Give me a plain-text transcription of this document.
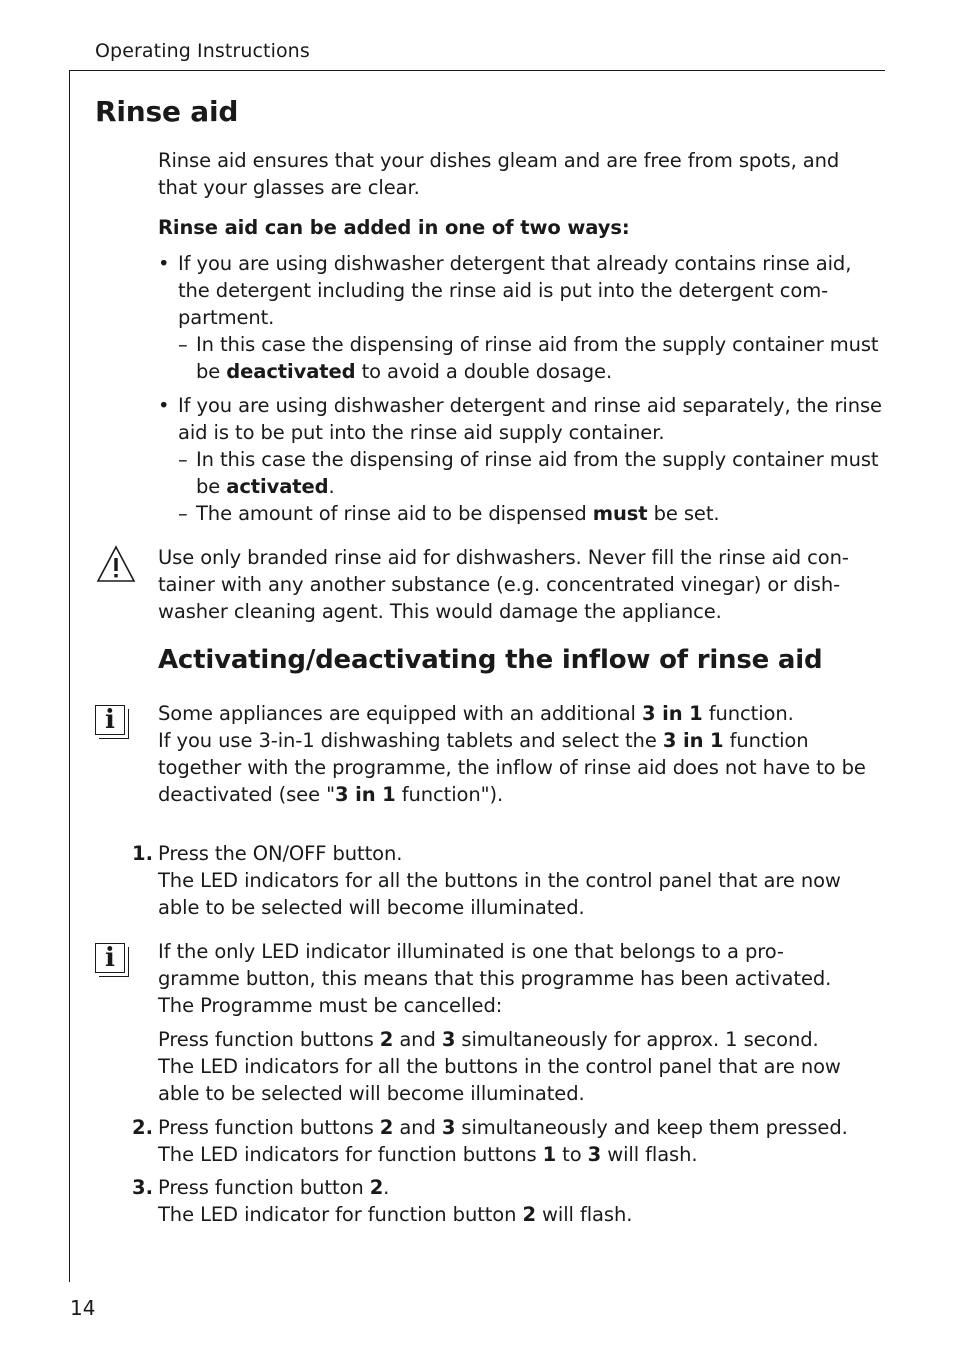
Operating Instructions
Rinse aid
Rinse aid ensures that your dishes gleam and are free from spots, and that your glasses are clear.
Rinse aid can be added in one of two ways:
• If you are using dishwasher detergent that already contains rinse aid, the detergent including the rinse aid is put into the detergent com- partment.
– In this case the dispensing of rinse aid from the supply container must be deactivated to avoid a double dosage.
• If you are using dishwasher detergent and rinse aid separately, the rinse aid is to be put into the rinse aid supply container.
– In this case the dispensing of rinse aid from the supply container must be activated.
– The amount of rinse aid to be dispensed must be set.
Use only branded rinse aid for dishwashers. Never fill the rinse aid con- tainer with any another substance (e.g. concentrated vinegar) or dish- washer cleaning agent. This would damage the appliance.
Activating/deactivating the inflow of rinse aid
i	Some appliances are equipped with an additional 3 in 1 function.
If you use 3-in-1 dishwashing tablets and select the 3 in 1 function together with the programme, the inflow of rinse aid does not have to be deactivated (see "3 in 1 function").
1. Press the ON/OFF button.
The LED indicators for all the buttons in the control panel that are now able to be selected will become illuminated.
i	If the only LED indicator illuminated is one that belongs to a pro- gramme button, this means that this programme has been activated. The Programme must be cancelled:
Press function buttons 2 and 3 simultaneously for approx. 1 second.
The LED indicators for all the buttons in the control panel that are now able to be selected will become illuminated.
2. Press function buttons 2 and 3 simultaneously and keep them pressed.
The LED indicators for function buttons 1 to 3 will flash.
3. Press function button 2.
The LED indicator for function button 2 will flash.
14
